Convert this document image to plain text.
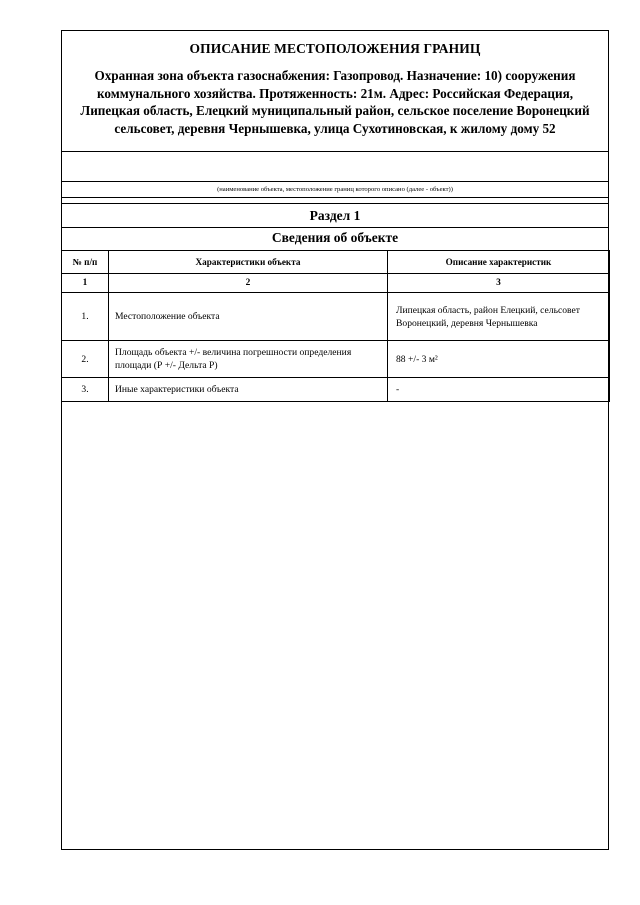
ОПИСАНИЕ МЕСТОПОЛОЖЕНИЯ ГРАНИЦ
Охранная зона объекта газоснабжения: Газопровод. Назначение: 10) сооружения коммунального хозяйства. Протяженность: 21м. Адрес: Российская Федерация, Липецкая область, Елецкий муниципальный район, сельское поселение Воронецкий сельсовет, деревня Чернышевка, улица Сухотиновская, к жилому дому 52
(наименование объекта, местоположение границ которого описано (далее - объект))
Раздел 1
Сведения об объекте
№ п/п	Характеристики объекта	Описание характеристик
1	2	3
1.	Местоположение объекта	Липецкая область, район Елецкий, сельсовет Воронецкий, деревня Чернышевка
2.	Площадь объекта +/- величина погрешности определения площади (Р +/- Дельта Р)	88 +/- 3 м²
3.	Иные характеристики объекта	-
